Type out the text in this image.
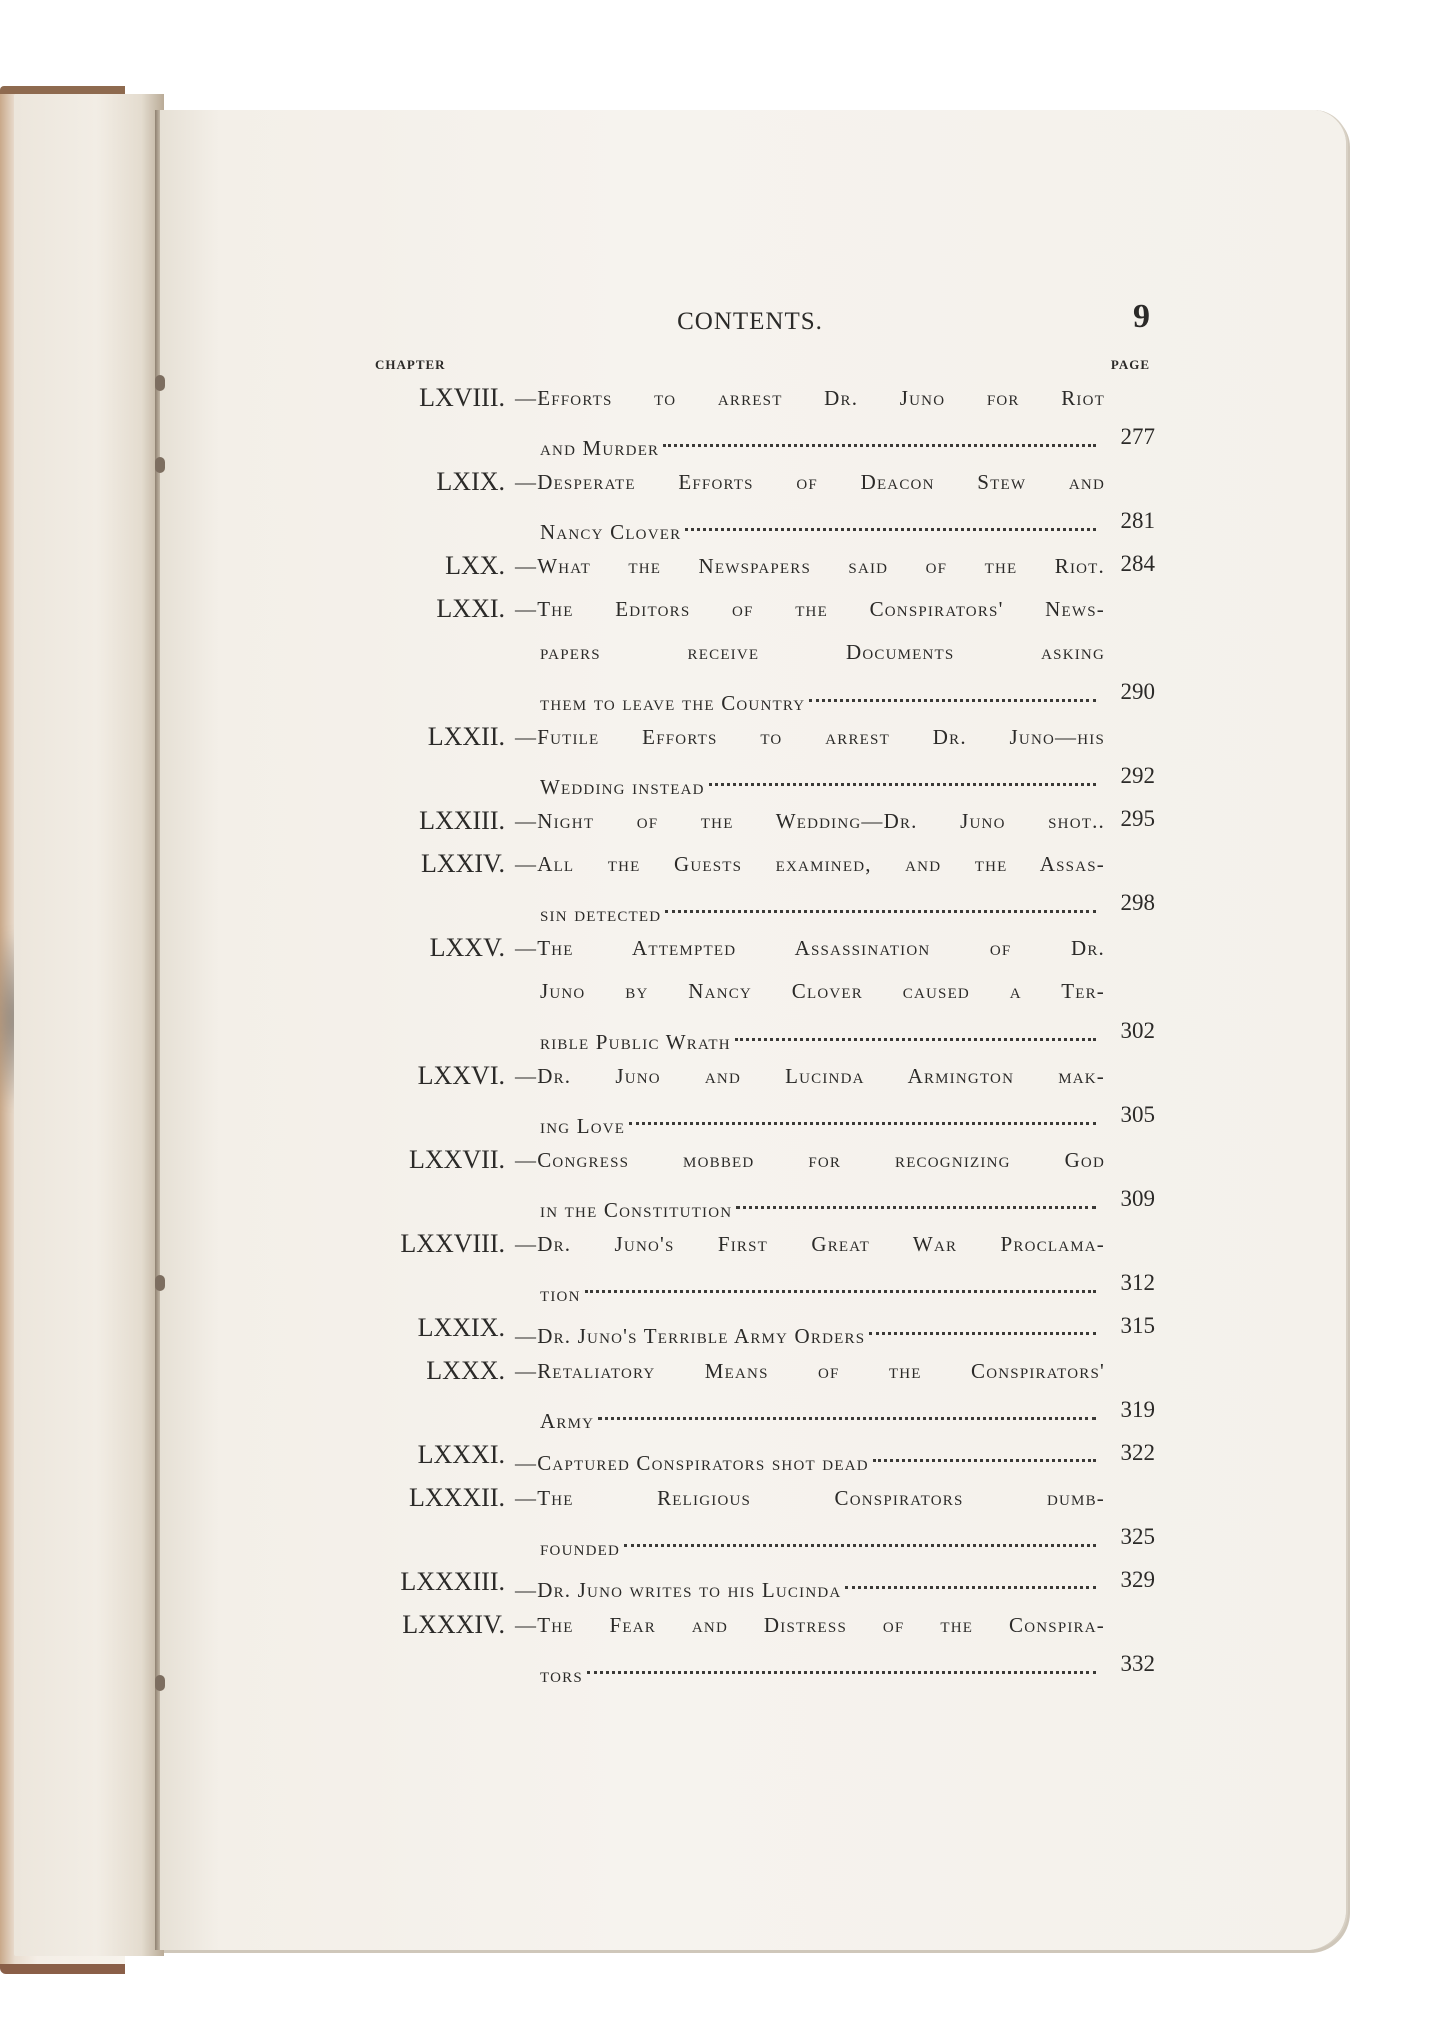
CONTENTS.	9
CHAPTER	PAGE
LXVIII. —Efforts to arrest Dr. Juno for Riot
and Murder	277
LXIX. —Desperate Efforts of Deacon Stew and
Nancy Clover	281
LXX. —What the Newspapers said of the Riot. 284
LXXI. —The Editors of the Conspirators' News-
papers receive Documents asking
them to leave the Country	290
LXXII. —Futile Efforts to arrest Dr. Juno—his
Wedding instead	292
LXXIII. —Night of the Wedding—Dr. Juno shot.. 295
LXXIV. —All the Guests examined, and the Assas-
sin detected	298
LXXV. —The Attempted Assassination of Dr.
Juno by Nancy Clover caused a Ter-
rible Public Wrath	302
LXXVI. —Dr. Juno and Lucinda Armington mak-
ing Love	305
LXXVII. —Congress mobbed for recognizing God
in the Constitution	309
LXXVIII. —Dr. Juno's First Great War Proclama-
tion	312
LXXIX. —Dr. Juno's Terrible Army Orders	315
LXXX. —Retaliatory Means of the Conspirators'
Army	319
LXXXI. —Captured Conspirators shot dead	322
LXXXII. —The Religious Conspirators dumb-
founded	325
LXXXIII. —Dr. Juno writes to his Lucinda	329
LXXXIV. —The Fear and Distress of the Conspira-
tors	332
